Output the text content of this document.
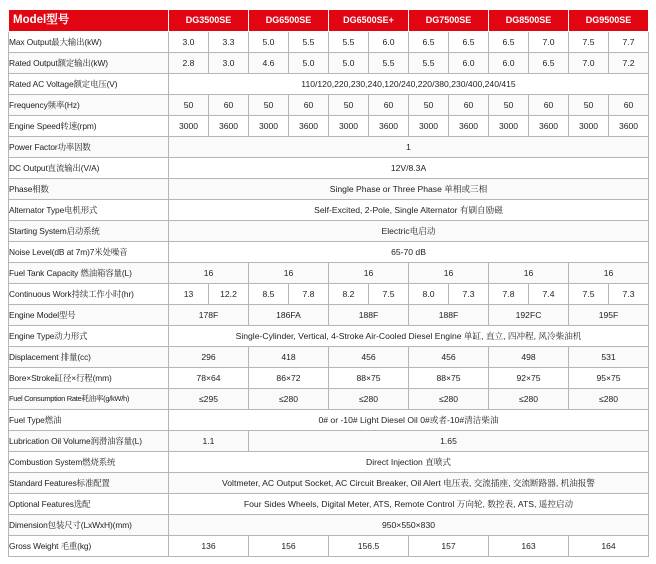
Model型号	DG3500SE		DG6500SE		DG6500SE+		DG7500SE		DG8500SE		DG9500SE	
Max Output最大输出(kW)	3.0	3.3	5.0	5.5	5.5	6.0	6.5	6.5	6.5	7.0	7.5	7.7
Rated Output额定输出(kW)	2.8	3.0	4.6	5.0	5.0	5.5	5.5	6.0	6.0	6.5	7.0	7.2
Rated AC Voltage额定电压(V)	110/120,220,230,240,120/240,220/380,230/400,240/415											
Frequency频率(Hz)	50	60	50	60	50	60	50	60	50	60	50	60
Engine Speed转速(rpm)	3000	3600	3000	3600	3000	3600	3000	3600	3000	3600	3000	3600
Power Factor功率因数	1											
DC Output直流输出(V/A)	12V/8.3A											
Phase相数	Single Phase or Three Phase 单相或三相											
Alternator Type电机形式	Self-Excited, 2-Pole, Single Alternator 有刷自励磁											
Starting System启动系统	Electric电启动											
Noise Level(dB at 7m)7米处噪音	65-70 dB											
Fuel Tank Capacity 燃油箱容量(L)	16		16		16		16		16		16	
Continuous Work持续工作小时(hr)	13	12.2	8.5	7.8	8.2	7.5	8.0	7.3	7.8	7.4	7.5	7.3
Engine Model型号	178F		186FA		188F		188F		192FC		195F	
Engine Type动力形式	Single-Cylinder, Vertical, 4-Stroke Air-Cooled Diesel Engine 单缸, 直立, 四冲程, 风冷柴油机											
Displacement 排量(cc)	296		418		456		456		498		531	
Bore×Stroke缸径×行程(mm)	78×64		86×72		88×75		88×75		92×75		95×75	
Fuel Consumption Rate耗油率(g/kW/h)	≤295		≤280		≤280		≤280		≤280		≤280	
Fuel Type燃油	0# or -10# Light Diesel Oil 0#或者-10#清洁柴油											
Lubrication Oil Volume润滑油容量(L)	1.1		1.65									
Combustion System燃烧系统	Direct Injection 直喷式											
Standard Features标准配置	Voltmeter, AC Output Socket, AC Circuit Breaker, Oil Alert 电压表, 交流插座, 交流断路器, 机油报警											
Optional Features选配	Four Sides Wheels, Digital Meter, ATS, Remote Control 万向轮, 数控表, ATS, 遥控启动											
Dimension包装尺寸(LxWxH)(mm)	950×550×830											
Gross Weight 毛重(kg)	136		156		156.5		157		163		164	
